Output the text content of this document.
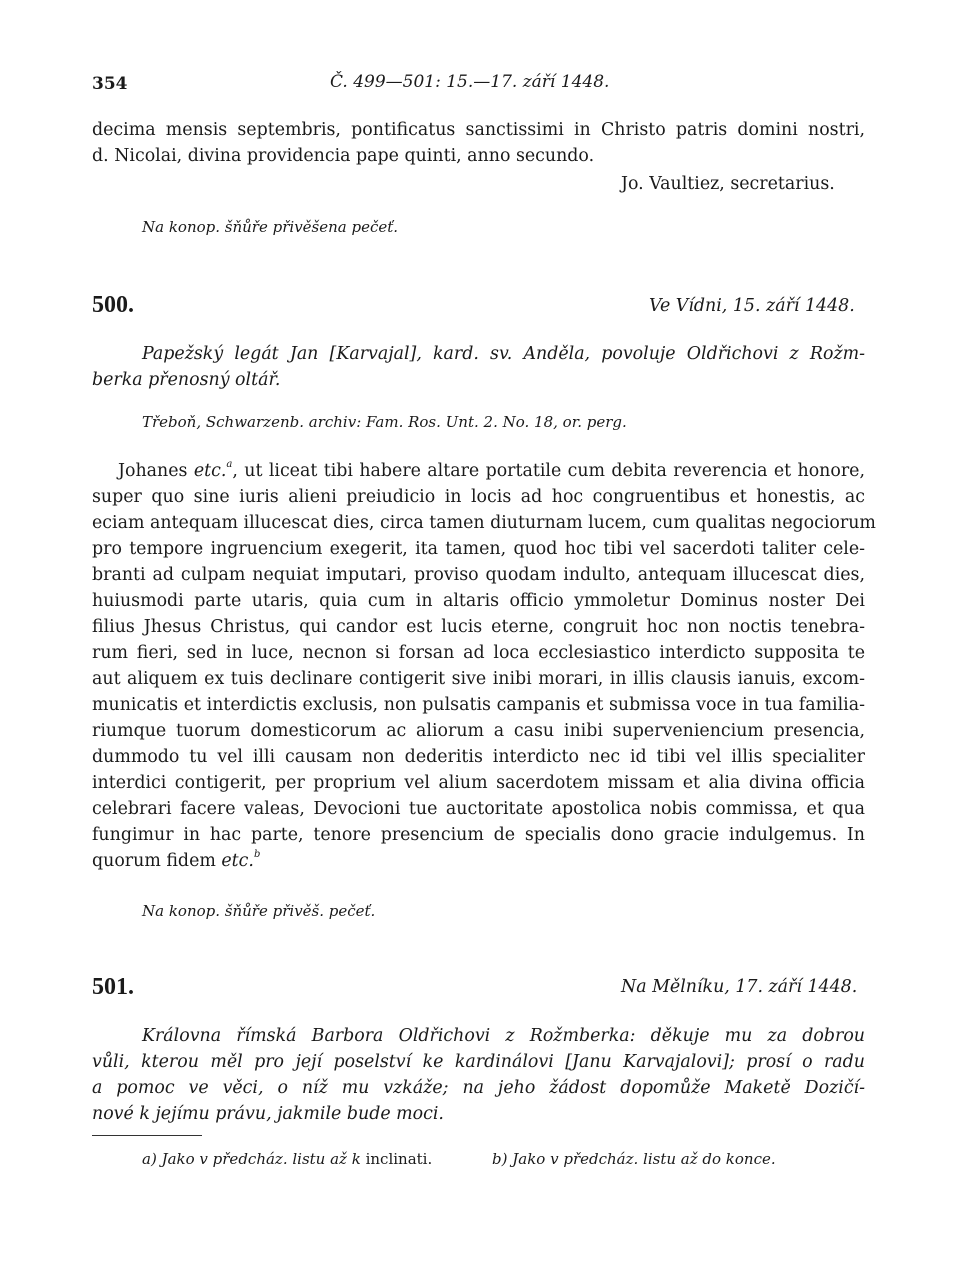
354	Č. 499—501: 15.—17. září 1448.
decima mensis septembris, pontificatus sanctissimi in Christo patris domini nostri,
d. Nicolai, divina providencia pape quinti, anno secundo.
Jo. Vaultiez, secretarius.
Na konop. šňůře přivěšena pečeť.
500.	Ve Vídni, 15. září 1448.
Papežský legát Jan [Karvajal], kard. sv. Anděla, povoluje Oldřichovi z Rožm-
berka přenosný oltář.
Třeboň, Schwarzenb. archiv: Fam. Ros. Unt. 2. No. 18, or. perg.
Johanes etc.$^a$, ut liceat tibi habere altare portatile cum debita reverencia et honore,
super quo sine iuris alieni preiudicio in locis ad hoc congruentibus et honestis, ac
eciam antequam illucescat dies, circa tamen diuturnam lucem, cum qualitas negociorum
pro tempore ingruencium exegerit, ita tamen, quod hoc tibi vel sacerdoti taliter cele-
branti ad culpam nequiat imputari, proviso quodam indulto, antequam illucescat dies,
huiusmodi parte utaris, quia cum in altaris officio ymmoletur Dominus noster Dei
filius Jhesus Christus, qui candor est lucis eterne, congruit hoc non noctis tenebra-
rum fieri, sed in luce, necnon si forsan ad loca ecclesiastico interdicto supposita te
aut aliquem ex tuis declinare contigerit sive inibi morari, in illis clausis ianuis, excom-
municatis et interdictis exclusis, non pulsatis campanis et submissa voce in tua familia-
riumque tuorum domesticorum ac aliorum a casu inibi superveniencium presencia,
dummodo tu vel illi causam non dederitis interdicto nec id tibi vel illis specialiter
interdici contigerit, per proprium vel alium sacerdotem missam et alia divina officia
celebrari facere valeas, Devocioni tue auctoritate apostolica nobis commissa, et qua
fungimur in hac parte, tenore presencium de specialis dono gracie indulgemus. In
quorum fidem etc.$^b$
Na konop. šňůře přivěš. pečeť.
501.	Na Mělníku, 17. září 1448.
Královna římská Barbora Oldřichovi z Rožmberka: děkuje mu za dobrou
vůli, kterou měl pro její poselství ke kardinálovi [Janu Karvajalovi]; prosí o radu
a pomoc ve věci, o níž mu vzkáže; na jeho žádost dopomůže Maketě Dozičí-
nové k jejímu právu, jakmile bude moci.
a) Jako v předcház. listu až k inclinati.	b) Jako v předcház. listu až do konce.
